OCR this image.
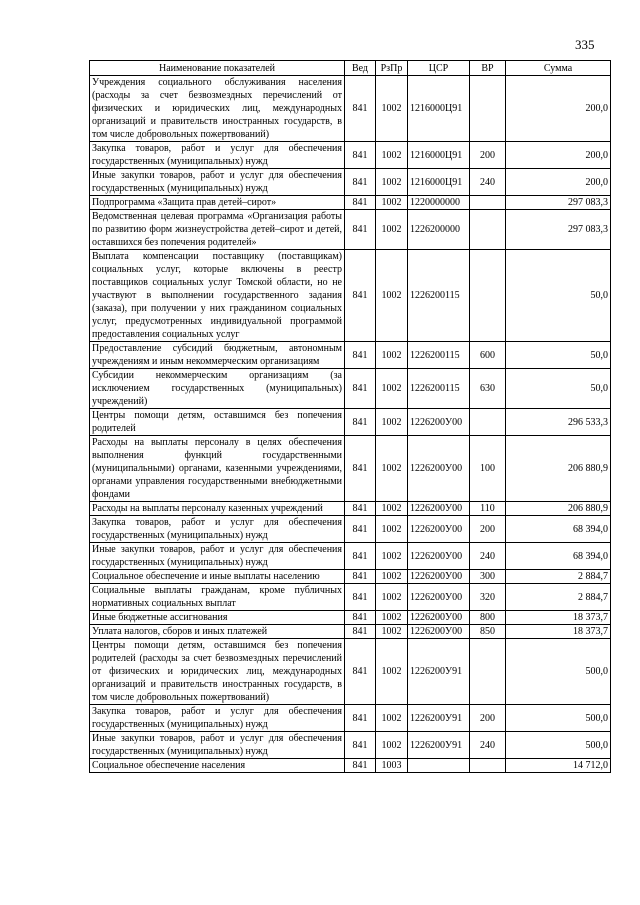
335
Наименование показателей	Вед	РзПр	ЦСР	ВР	Сумма
Учреждения социального обслуживания населения (расходы за счет безвозмездных перечислений от физических и юридических лиц, международных организаций и правительств иностранных государств, в том числе добровольных пожертвований)	841	1002	1216000Ц91		200,0
Закупка товаров, работ и услуг для обеспечения государственных (муниципальных) нужд	841	1002	1216000Ц91	200	200,0
Иные закупки товаров, работ и услуг для обеспечения государственных (муниципальных) нужд	841	1002	1216000Ц91	240	200,0
Подпрограмма «Защита прав детей–сирот»	841	1002	1220000000		297 083,3
Ведомственная целевая программа «Организация работы по развитию форм жизнеустройства детей–сирот и детей, оставшихся без попечения родителей»	841	1002	1226200000		297 083,3
Выплата компенсации поставщику (поставщикам) социальных услуг, которые включены в реестр поставщиков социальных услуг Томской области, но не участвуют в выполнении государственного задания (заказа), при получении у них гражданином социальных услуг, предусмотренных индивидуальной программой предоставления социальных услуг	841	1002	1226200115		50,0
Предоставление субсидий бюджетным, автономным учреждениям и иным некоммерческим организациям	841	1002	1226200115	600	50,0
Субсидии некоммерческим организациям (за исключением государственных (муниципальных) учреждений)	841	1002	1226200115	630	50,0
Центры помощи детям, оставшимся без попечения родителей	841	1002	1226200У00		296 533,3
Расходы на выплаты персоналу в целях обеспечения выполнения функций государственными (муниципальными) органами, казенными учреждениями, органами управления государственными внебюджетными фондами	841	1002	1226200У00	100	206 880,9
Расходы на выплаты персоналу казенных учреждений	841	1002	1226200У00	110	206 880,9
Закупка товаров, работ и услуг для обеспечения государственных (муниципальных) нужд	841	1002	1226200У00	200	68 394,0
Иные закупки товаров, работ и услуг для обеспечения государственных (муниципальных) нужд	841	1002	1226200У00	240	68 394,0
Социальное обеспечение и иные выплаты населению	841	1002	1226200У00	300	2 884,7
Социальные выплаты гражданам, кроме публичных нормативных социальных выплат	841	1002	1226200У00	320	2 884,7
Иные бюджетные ассигнования	841	1002	1226200У00	800	18 373,7
Уплата налогов, сборов и иных платежей	841	1002	1226200У00	850	18 373,7
Центры помощи детям, оставшимся без попечения родителей (расходы за счет безвозмездных перечислений от физических и юридических лиц, международных организаций и правительств иностранных государств, в том числе добровольных пожертвований)	841	1002	1226200У91		500,0
Закупка товаров, работ и услуг для обеспечения государственных (муниципальных) нужд	841	1002	1226200У91	200	500,0
Иные закупки товаров, работ и услуг для обеспечения государственных (муниципальных) нужд	841	1002	1226200У91	240	500,0
Социальное обеспечение населения	841	1003			14 712,0
